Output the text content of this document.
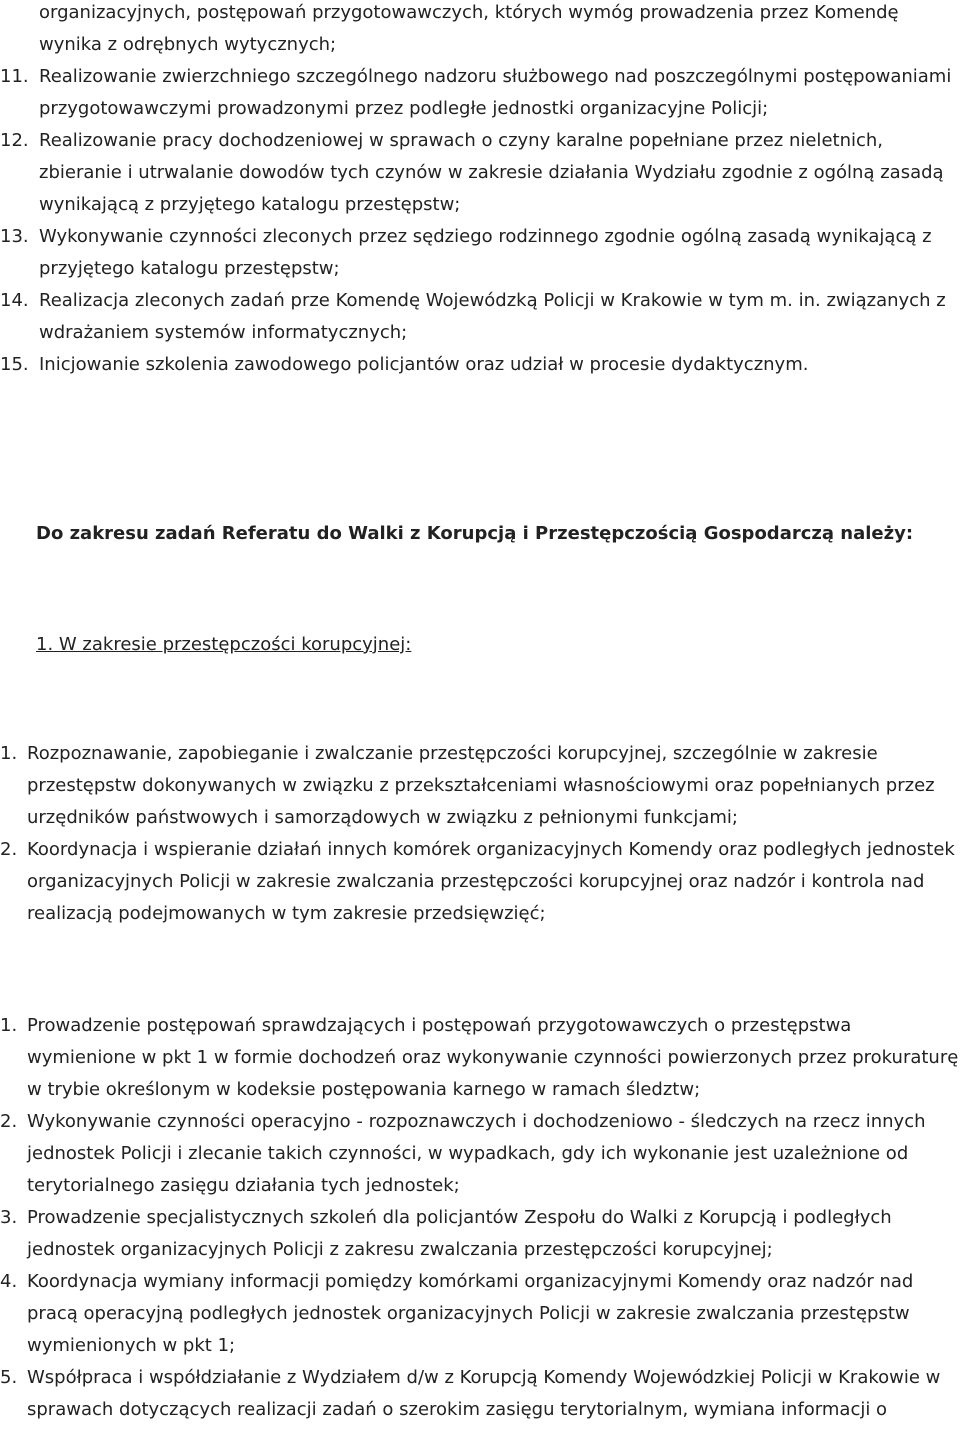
organizacyjnych, postępowań przygotowawczych, których wymóg prowadzenia przez Komendę wynika z odrębnych wytycznych;
11. Realizowanie zwierzchniego szczególnego nadzoru służbowego nad poszczególnymi postępowaniami przygotowawczymi prowadzonymi przez podległe jednostki organizacyjne Policji;
12. Realizowanie pracy dochodzeniowej w sprawach o czyny karalne popełniane przez nieletnich, zbieranie i utrwalanie dowodów tych czynów w zakresie działania Wydziału zgodnie z ogólną zasadą wynikającą z przyjętego katalogu przestępstw;
13. Wykonywanie czynności zleconych przez sędziego rodzinnego zgodnie ogólną zasadą wynikającą z przyjętego katalogu przestępstw;
14. Realizacja zleconych zadań prze Komendę Wojewódzką Policji w Krakowie w tym m. in. związanych z wdrażaniem systemów informatycznych;
15. Inicjowanie szkolenia zawodowego policjantów oraz udział w procesie dydaktycznym.
Do zakresu zadań Referatu do Walki z Korupcją i Przestępczością Gospodarczą należy:
1. W zakresie przestępczości korupcyjnej:
1. Rozpoznawanie, zapobieganie i zwalczanie przestępczości korupcyjnej, szczególnie w zakresie przestępstw dokonywanych w związku z przekształceniami własnościowymi oraz popełnianych przez urzędników państwowych i samorządowych w związku z pełnionymi funkcjami;
2. Koordynacja i wspieranie działań innych komórek organizacyjnych Komendy oraz podległych jednostek organizacyjnych Policji w zakresie zwalczania przestępczości korupcyjnej oraz nadzór i kontrola nad realizacją podejmowanych w tym zakresie przedsięwzięć;
1. Prowadzenie postępowań sprawdzających i postępowań przygotowawczych o przestępstwa wymienione w pkt 1 w formie dochodzeń oraz wykonywanie czynności powierzonych przez prokuraturę w trybie określonym w kodeksie postępowania karnego w ramach śledztw;
2. Wykonywanie czynności operacyjno - rozpoznawczych i dochodzeniowo - śledczych na rzecz innych jednostek Policji i zlecanie takich czynności, w wypadkach, gdy ich wykonanie jest uzależnione od terytorialnego zasięgu działania tych jednostek;
3. Prowadzenie specjalistycznych szkoleń dla policjantów Zespołu do Walki z Korupcją i podległych jednostek organizacyjnych Policji z zakresu zwalczania przestępczości korupcyjnej;
4. Koordynacja wymiany informacji pomiędzy komórkami organizacyjnymi Komendy oraz nadzór nad pracą operacyjną podległych jednostek organizacyjnych Policji w zakresie zwalczania przestępstw wymienionych w pkt 1;
5. Współpraca i współdziałanie z Wydziałem d/w z Korupcją Komendy Wojewódzkiej Policji w Krakowie w sprawach dotyczących realizacji zadań o szerokim zasięgu terytorialnym, wymiana informacji o
